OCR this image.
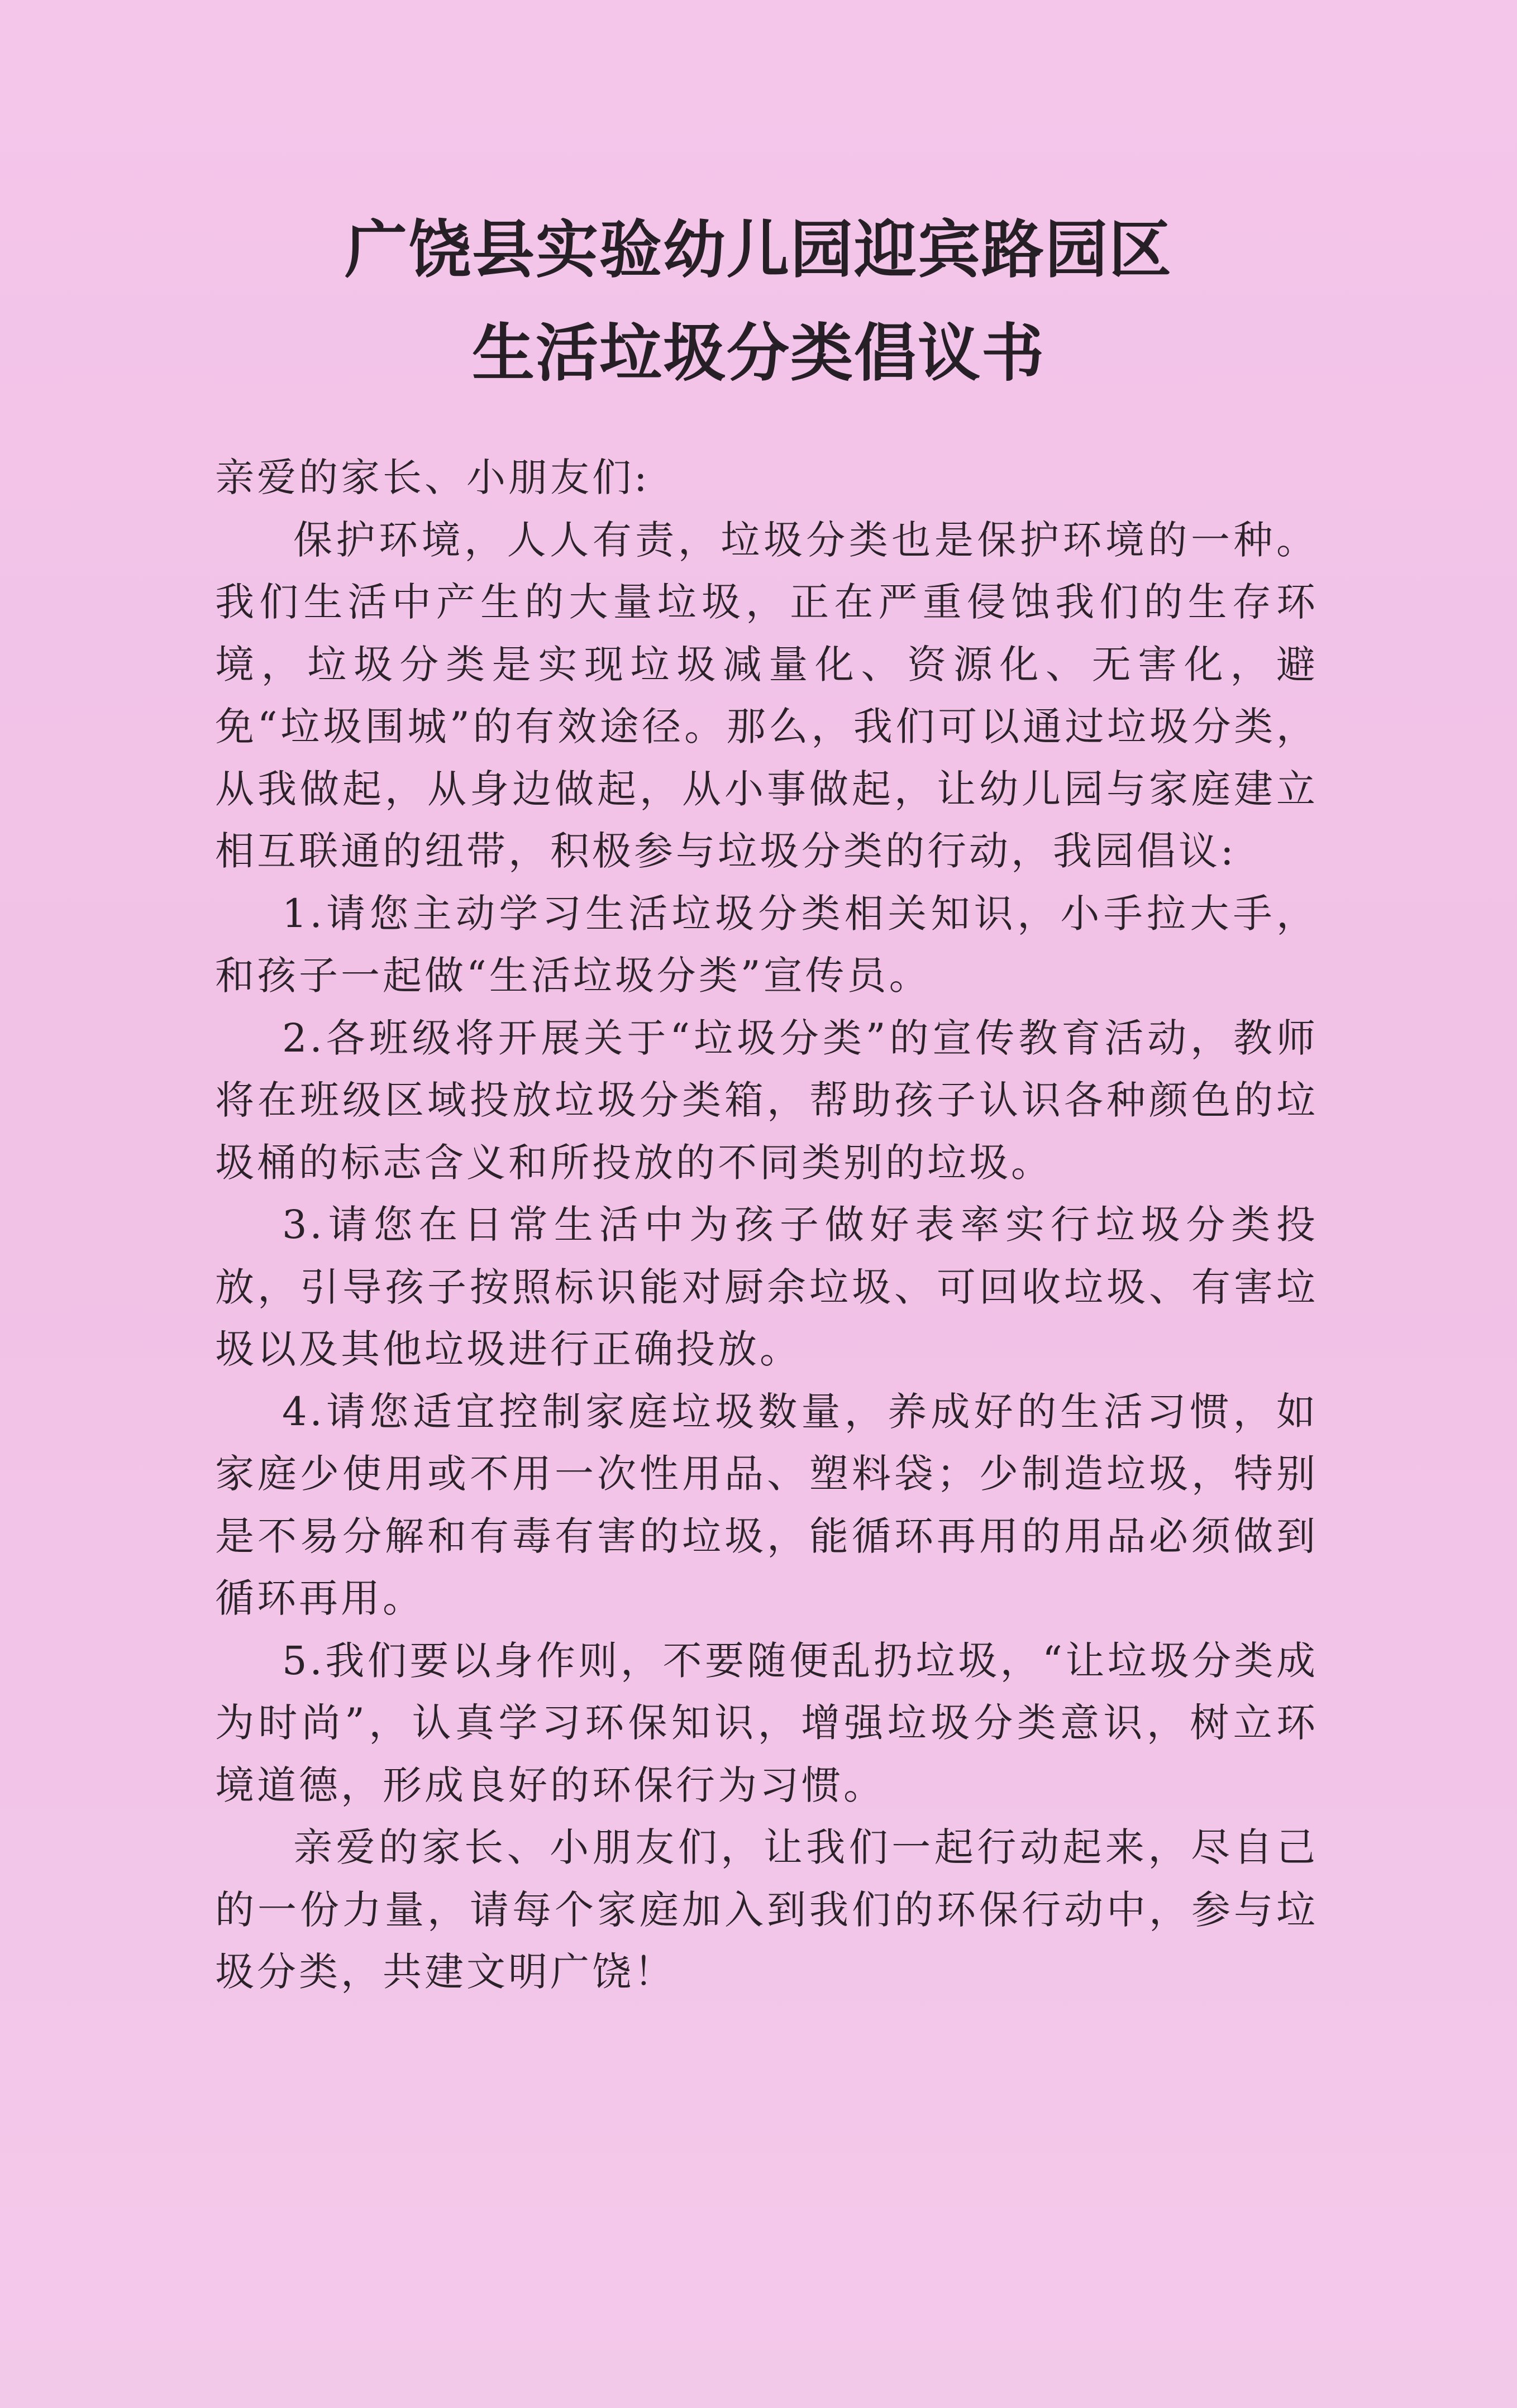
广饶县实验幼儿园迎宾路园区
生活垃圾分类倡议书

亲爱的家长、小朋友们:

保护环境，人人有责，垃圾分类也是保护环境的一种。我们生活中产生的大量垃圾，正在严重侵蚀我们的生存环境，垃圾分类是实现垃圾减量化、资源化、无害化，避免“垃圾围城”的有效途径。那么，我们可以通过垃圾分类，从我做起，从身边做起，从小事做起，让幼儿园与家庭建立相互联通的纽带，积极参与垃圾分类的行动，我园倡议:

1.请您主动学习生活垃圾分类相关知识，小手拉大手，和孩子一起做“生活垃圾分类”宣传员。

2.各班级将开展关于“垃圾分类”的宣传教育活动，教师将在班级区域投放垃圾分类箱，帮助孩子认识各种颜色的垃圾桶的标志含义和所投放的不同类别的垃圾。

3.请您在日常生活中为孩子做好表率实行垃圾分类投放，引导孩子按照标识能对厨余垃圾、可回收垃圾、有害垃圾以及其他垃圾进行正确投放。

4.请您适宜控制家庭垃圾数量，养成好的生活习惯，如家庭少使用或不用一次性用品、塑料袋；少制造垃圾，特别是不易分解和有毒有害的垃圾，能循环再用的用品必须做到循环再用。

5.我们要以身作则，不要随便乱扔垃圾，“让垃圾分类成为时尚”，认真学习环保知识，增强垃圾分类意识，树立环境道德，形成良好的环保行为习惯。

亲爱的家长、小朋友们，让我们一起行动起来，尽自己的一份力量，请每个家庭加入到我们的环保行动中，参与垃圾分类，共建文明广饶！
